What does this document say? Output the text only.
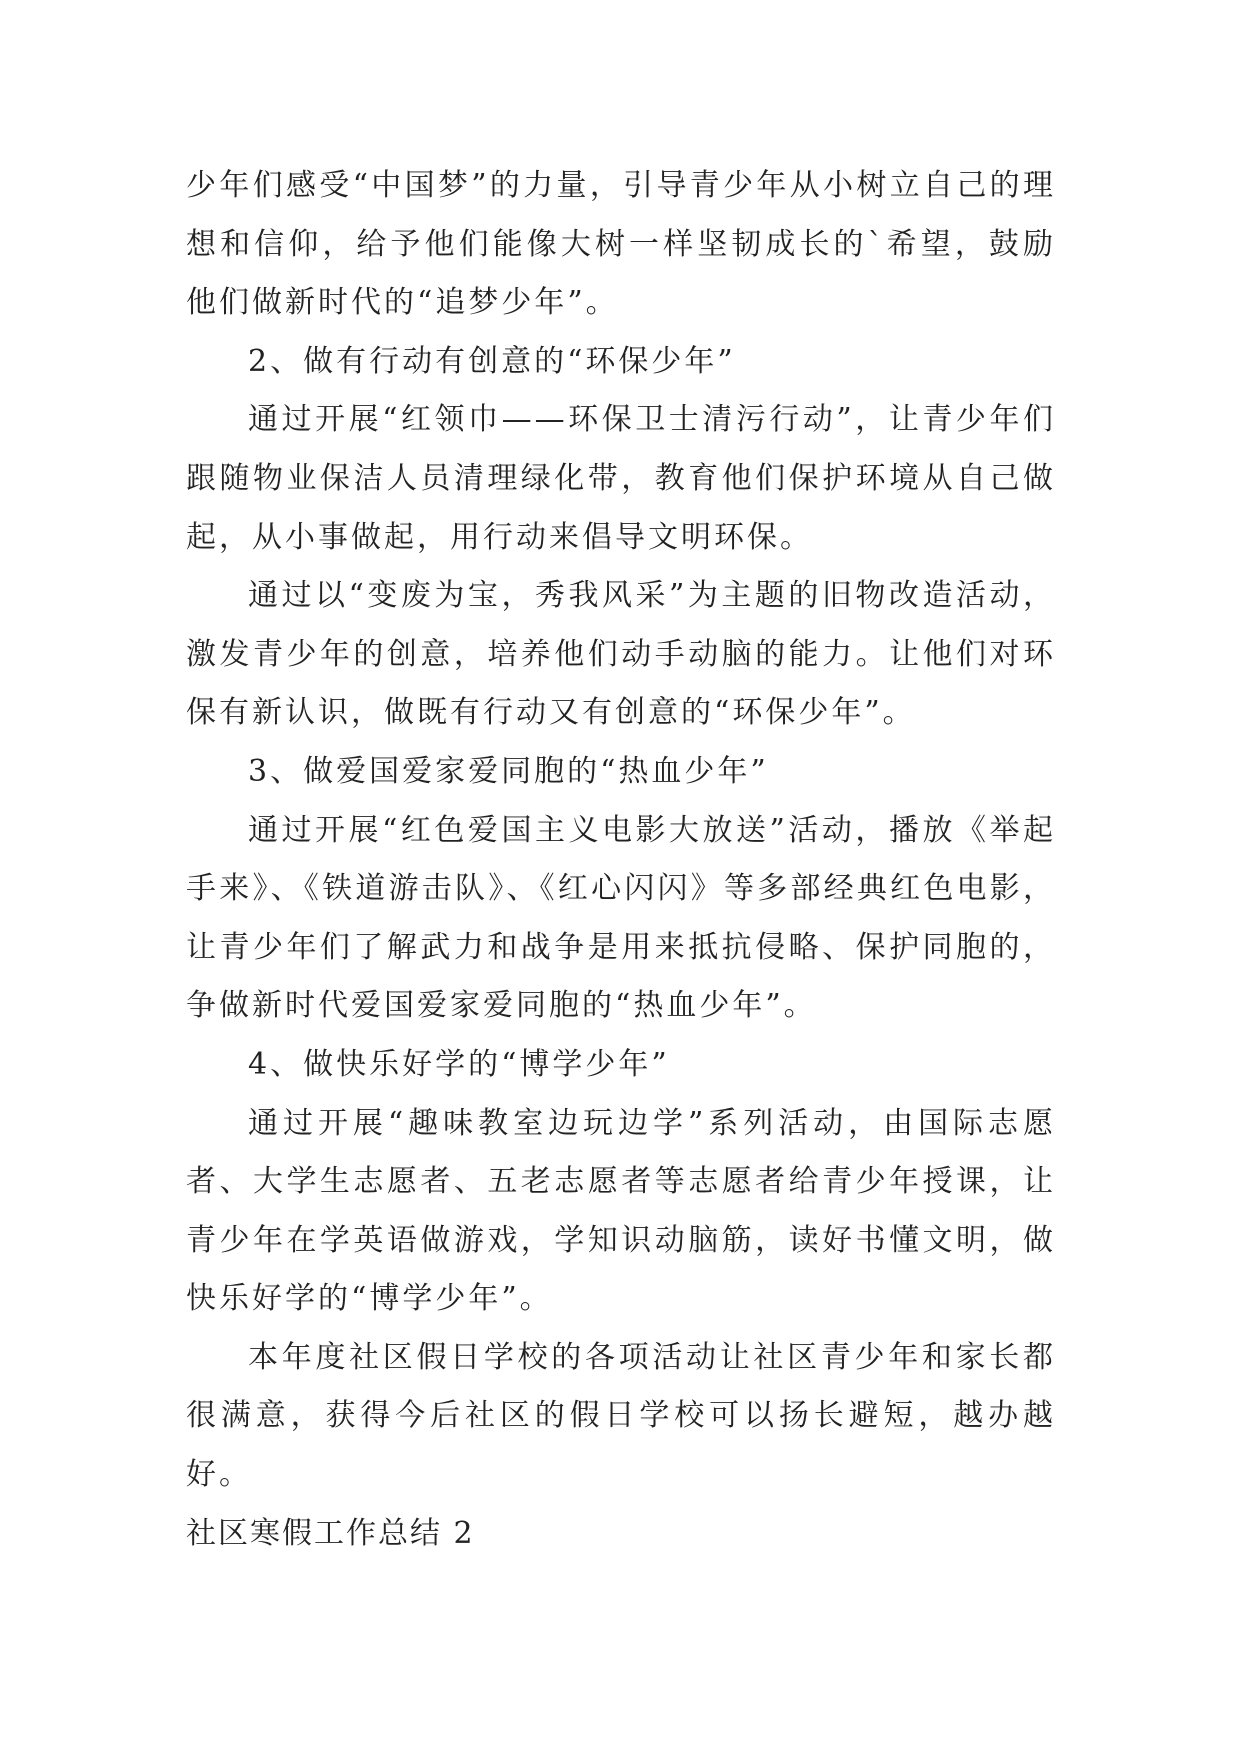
少年们感受“中国梦”的力量，引导青少年从小树立自己的理想和信仰，给予他们能像大树一样坚韧成长的`希望，鼓励他们做新时代的“追梦少年”。

2、做有行动有创意的“环保少年”

通过开展“红领巾——环保卫士清污行动”，让青少年们跟随物业保洁人员清理绿化带，教育他们保护环境从自己做起，从小事做起，用行动来倡导文明环保。

通过以“变废为宝，秀我风采”为主题的旧物改造活动，激发青少年的创意，培养他们动手动脑的能力。让他们对环保有新认识，做既有行动又有创意的“环保少年”。

3、做爱国爱家爱同胞的“热血少年”

通过开展“红色爱国主义电影大放送”活动，播放《举起手来》、《铁道游击队》、《红心闪闪》等多部经典红色电影，让青少年们了解武力和战争是用来抵抗侵略、保护同胞的，争做新时代爱国爱家爱同胞的“热血少年”。

4、做快乐好学的“博学少年”

通过开展“趣味教室边玩边学”系列活动，由国际志愿者、大学生志愿者、五老志愿者等志愿者给青少年授课，让青少年在学英语做游戏，学知识动脑筋，读好书懂文明，做快乐好学的“博学少年”。

本年度社区假日学校的各项活动让社区青少年和家长都很满意，获得今后社区的假日学校可以扬长避短，越办越好。

社区寒假工作总结 2
